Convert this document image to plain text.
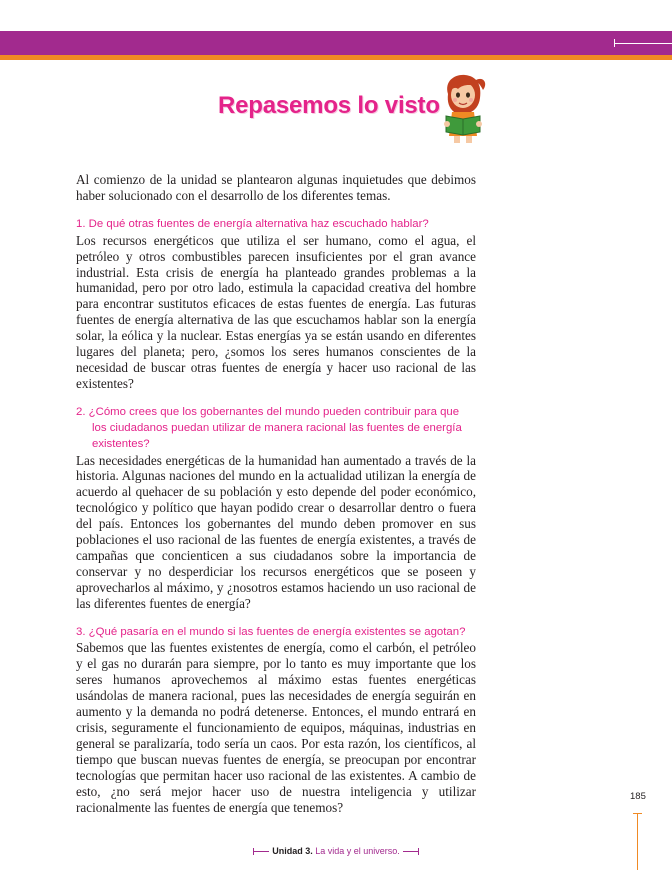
Repasemos lo visto

Al comienzo de la unidad se plantearon algunas inquietudes que debimos haber solucionado con el desarrollo de los diferentes temas.

1. De qué otras fuentes de energía alternativa haz escuchado hablar?

Los recursos energéticos que utiliza el ser humano, como el agua, el petróleo y otros combustibles parecen insuficientes por el gran avance industrial. Esta crisis de energía ha planteado grandes problemas a la humanidad, pero por otro lado, estimula la capacidad creativa del hombre para encontrar sustitutos eficaces de estas fuentes de energía. Las futuras fuentes de energía alternativa de las que escuchamos hablar son la energía solar, la eólica y la nuclear. Estas energías ya se están usando en diferentes lugares del planeta; pero, ¿somos los seres humanos conscientes de la necesidad de buscar otras fuentes de energía y hacer uso racional de las existentes?

2. ¿Cómo crees que los gobernantes del mundo pueden contribuir para que los ciudadanos puedan utilizar de manera racional las fuentes de energía existentes?

Las necesidades energéticas de la humanidad han aumentado a través de la historia. Algunas naciones del mundo en la actualidad utilizan la energía de acuerdo al quehacer de su población y esto depende del poder económico, tecnológico y político que hayan podido crear o desarrollar dentro o fuera del país. Entonces los gobernantes del mundo deben promover en sus poblaciones el uso racional de las fuentes de energía existentes, a través de campañas que concienticen a sus ciudadanos sobre la importancia de conservar y no desperdiciar los recursos energéticos que se poseen y aprovecharlos al máximo, y ¿nosotros estamos haciendo un uso racional de las diferentes fuentes de energía?

3. ¿Qué pasaría en el mundo si las fuentes de energía existentes se agotan?

Sabemos que las fuentes existentes de energía, como el carbón, el petróleo y el gas no durarán para siempre, por lo tanto es muy importante que los seres humanos aprovechemos al máximo estas fuentes energéticas usándolas de manera racional, pues las necesidades de energía seguirán en aumento y la demanda no podrá detenerse. Entonces, el mundo entrará en crisis, seguramente el funcionamiento de equipos, máquinas, industrias en general se paralizaría, todo sería un caos. Por esta razón, los científicos, al tiempo que buscan nuevas fuentes de energía, se preocupan por encontrar tecnologías que permitan hacer uso racional de las existentes. A cambio de esto, ¿no será mejor hacer uso de nuestra inteligencia y utilizar racionalmente las fuentes de energía que tenemos?

185
Unidad 3. La vida y el universo.
